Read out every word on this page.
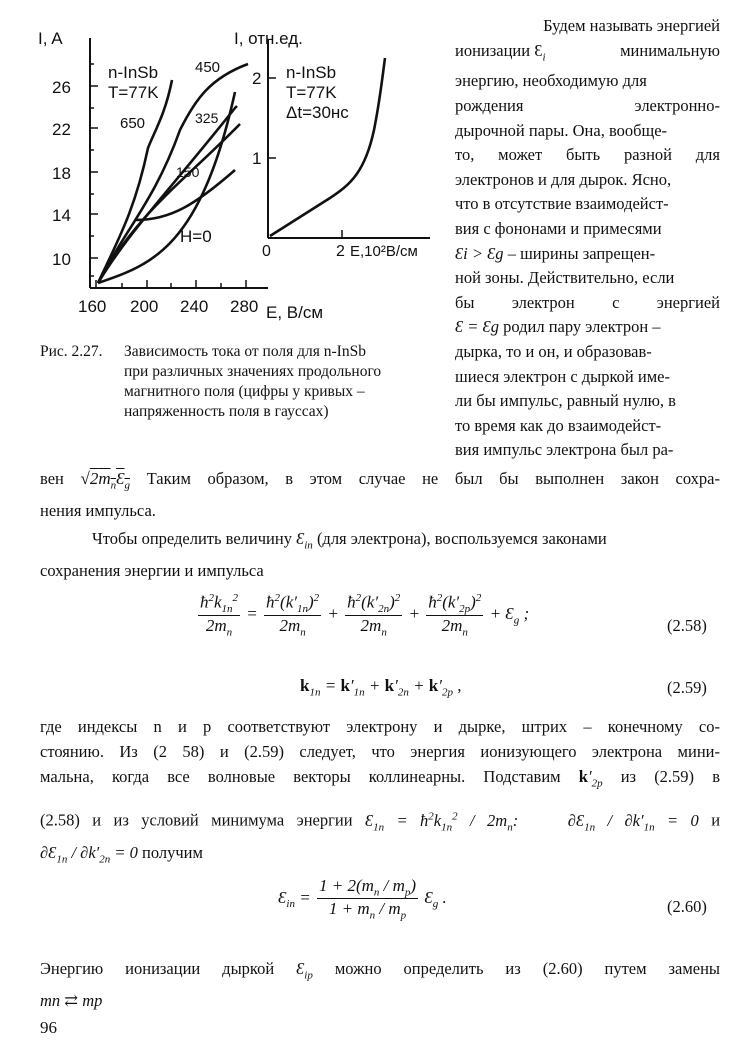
I, A
26
22
18
14
10
160 200 240 280 E, В/см
n-InSb
T=77K
450
650	325
150
H=0
I, отн.ед.
2
1
0	2 E,10²В/см
n-InSb
T=77K
Δt=30нс
Рис. 2.27.	Зависимость тока от поля для n-InSb
при различных значениях продольного
магнитного поля (цифры у кривых –
напряженность поля в гауссах)

Будем называть энергией

ионизации $Ɛ_i$	минимальную

энергию, необходимую для

рождения электронно-

дырочной пары. Она, вообще-

то, может быть разной для

электронов и для дырок. Ясно,

что в отсутствие взаимодейст-

вия с фононами и примесями

Ɛi > Ɛg – ширины запрещен-

ной зоны. Действительно, если

бы электрон с энергией

Ɛ = Ɛg родил пару электрон –

дырка, то и он, и образовав-

шиеся электрон с дыркой име-

ли бы импульс, равный нулю, в

то время как до взаимодейст-

вия импульс электрона был ра-

вен $√2m_nƐ_g$ Таким образом, в этом случае не был бы выполнен закон сохра-

нения импульса.

Чтобы определить величину $Ɛ_{in}$ (для электрона), воспользуемся законами

сохранения энергии и импульса

$\frac{ħ^2k_{1n}^2}{2m_n} = \frac{ħ^2(k'_{1n})^2}{2m_n} + \frac{ħ^2(k'_{2n})^2}{2m_n} + \frac{ħ^2(k'_{2p})^2}{2m_n}$ + $Ɛ_g$ ;
(2.58)
$k_{1n} = k'_{1n} + k'_{2n} + k'_{2p}$ ,	(2.59)

где индексы n и p соответствуют электрону и дырке, штрих – конечному со-

стоянию. Из (2 58) и (2.59) следует, что энергия ионизующего электрона мини-

мальна, когда все волновые векторы коллинеарны. Подставим $k'_{2p}$ из (2.59) в

(2.58) и из условий минимума энергии $Ɛ_{1n}$ = $ħ^2k_{1n}^2 / 2m_n$:	$\partial Ɛ_{1n} / \partial k'_{1n} = 0$ и

$\partial Ɛ_{1n} / \partial k'_{2n} = 0$ получим

$Ɛ_{in} = \frac{1 + 2(m_n / m_p)}{1 + m_n / m_p}$ $Ɛ_g$ .	(2.60)

Энергию ионизации дыркой $Ɛ_{ip}$ можно определить из (2.60) путем замены

mn ⇄ mp

96
